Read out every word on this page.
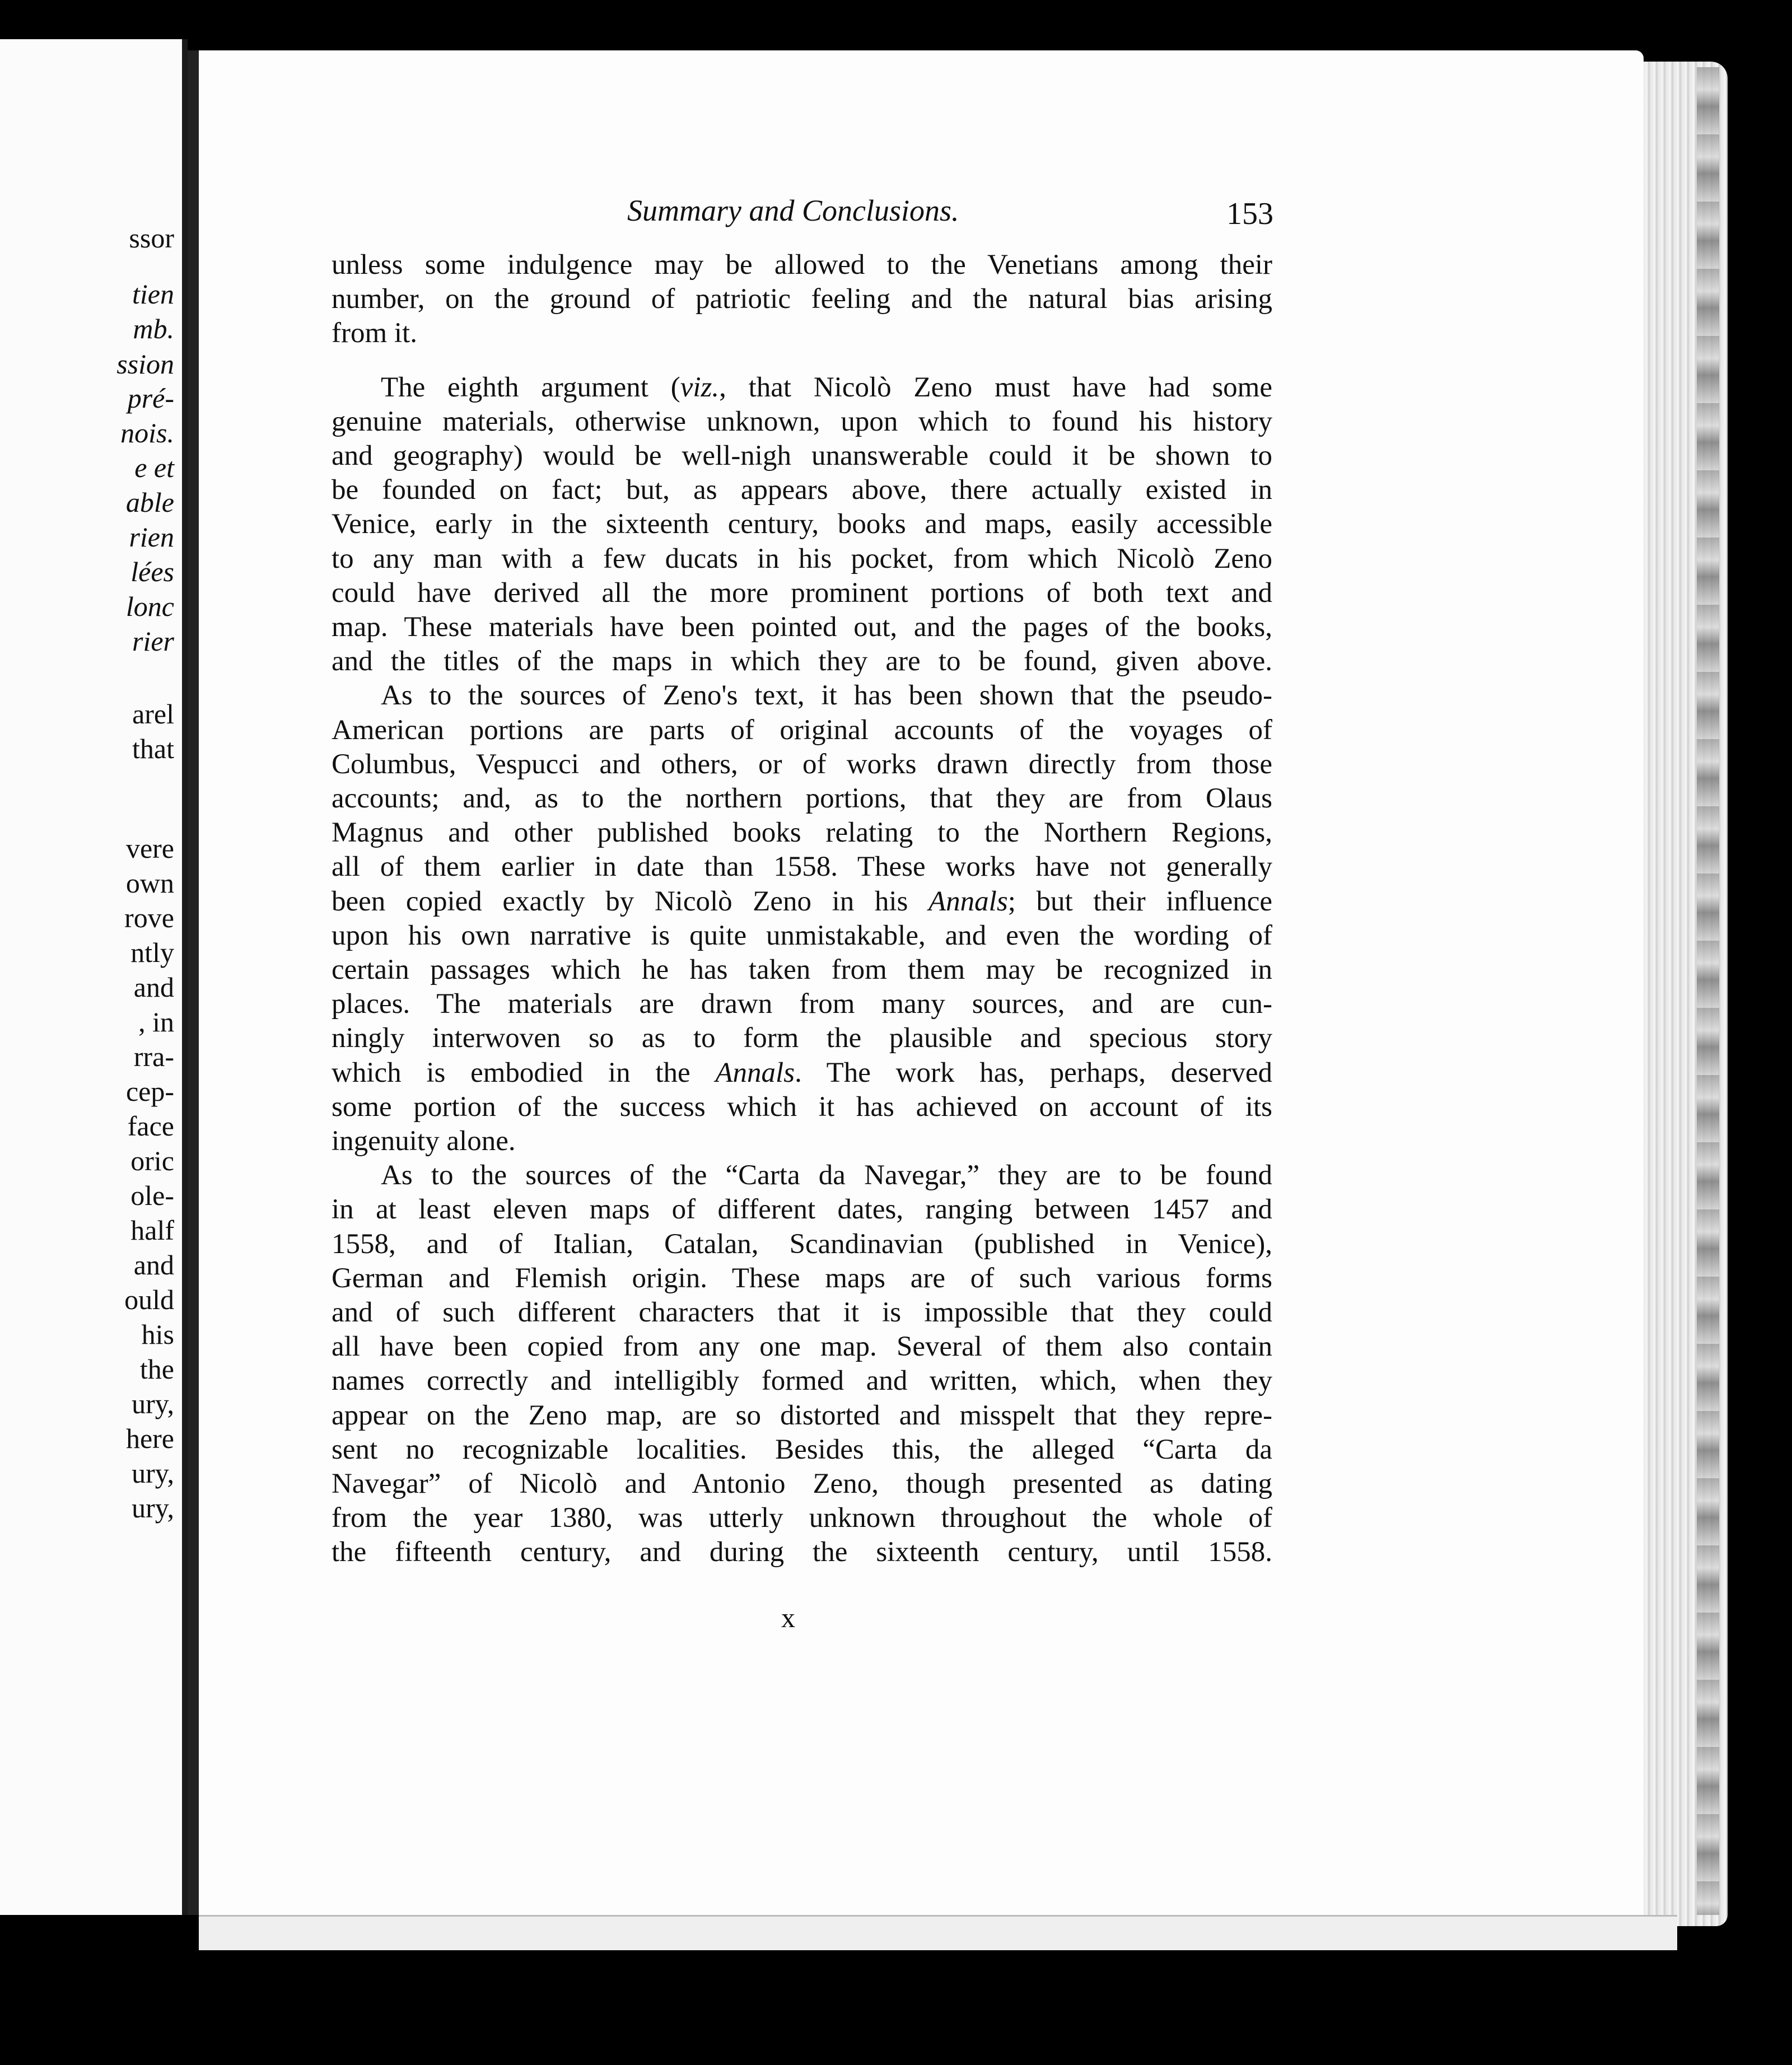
ssor
tien
mb.
ssion
pré-
nois.
e et
able
rien
lées
lonc
rier
arel
that
vere
own
rove
ntly
and
, in
rra-
cep-
face
oric
ole-
half
and
ould
his
the
ury,
here
ury,
ury,
Summary and Conclusions.	153
unless some indulgence may be allowed to the Venetians among their
number, on the ground of patriotic feeling and the natural bias arising
from it.
The eighth argument (viz., that Nicolò Zeno must have had some
genuine materials, otherwise unknown, upon which to found his history
and geography) would be well-nigh unanswerable could it be shown to
be founded on fact; but, as appears above, there actually existed in
Venice, early in the sixteenth century, books and maps, easily accessible
to any man with a few ducats in his pocket, from which Nicolò Zeno
could have derived all the more prominent portions of both text and
map. These materials have been pointed out, and the pages of the books,
and the titles of the maps in which they are to be found, given above.
As to the sources of Zeno's text, it has been shown that the pseudo-
American portions are parts of original accounts of the voyages of
Columbus, Vespucci and others, or of works drawn directly from those
accounts; and, as to the northern portions, that they are from Olaus
Magnus and other published books relating to the Northern Regions,
all of them earlier in date than 1558. These works have not generally
been copied exactly by Nicolò Zeno in his Annals; but their influence
upon his own narrative is quite unmistakable, and even the wording of
certain passages which he has taken from them may be recognized in
places. The materials are drawn from many sources, and are cun-
ningly interwoven so as to form the plausible and specious story
which is embodied in the Annals. The work has, perhaps, deserved
some portion of the success which it has achieved on account of its
ingenuity alone.
As to the sources of the “Carta da Navegar,” they are to be found
in at least eleven maps of different dates, ranging between 1457 and
1558, and of Italian, Catalan, Scandinavian (published in Venice),
German and Flemish origin. These maps are of such various forms
and of such different characters that it is impossible that they could
all have been copied from any one map. Several of them also contain
names correctly and intelligibly formed and written, which, when they
appear on the Zeno map, are so distorted and misspelt that they repre-
sent no recognizable localities. Besides this, the alleged “Carta da
Navegar” of Nicolò and Antonio Zeno, though presented as dating
from the year 1380, was utterly unknown throughout the whole of
the fifteenth century, and during the sixteenth century, until 1558.
x
